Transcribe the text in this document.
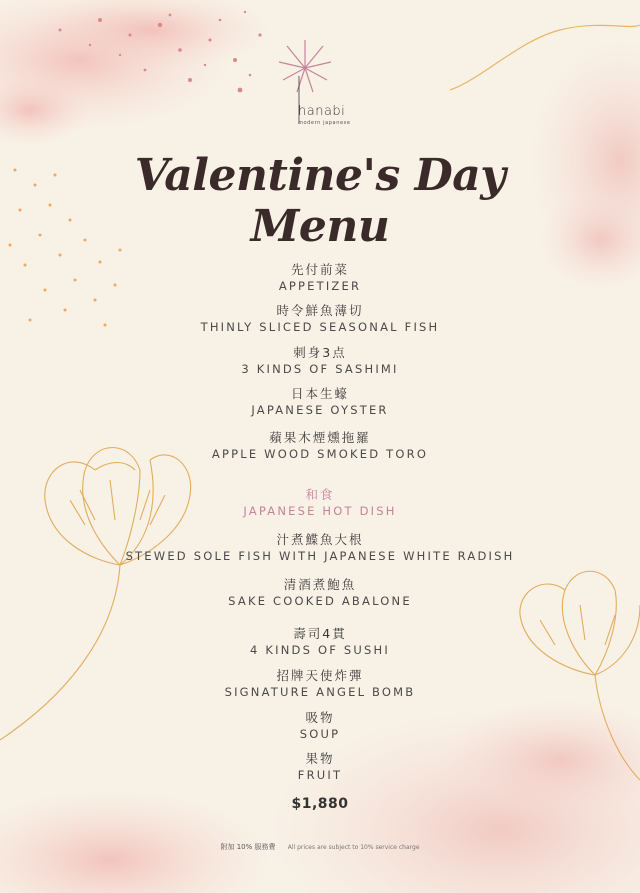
hanabi
modern japanese
Valentine's Day Menu
先付前菜
APPETIZER
時令鮮魚薄切
THINLY SLICED SEASONAL FISH
刺身3点
3 KINDS OF SASHIMI
日本生蠔
JAPANESE OYSTER
蘋果木煙燻拖羅
APPLE WOOD SMOKED TORO
和食
JAPANESE HOT DISH
汁煮鰈魚大根
STEWED SOLE FISH WITH JAPANESE WHITE RADISH
清酒煮鮑魚
SAKE COOKED ABALONE
壽司4貫
4 KINDS OF SUSHI
招牌天使炸彈
SIGNATURE ANGEL BOMB
吸物
SOUP
果物
FRUIT
$1,880
附加 10% 服務費 All prices are subject to 10% service charge
